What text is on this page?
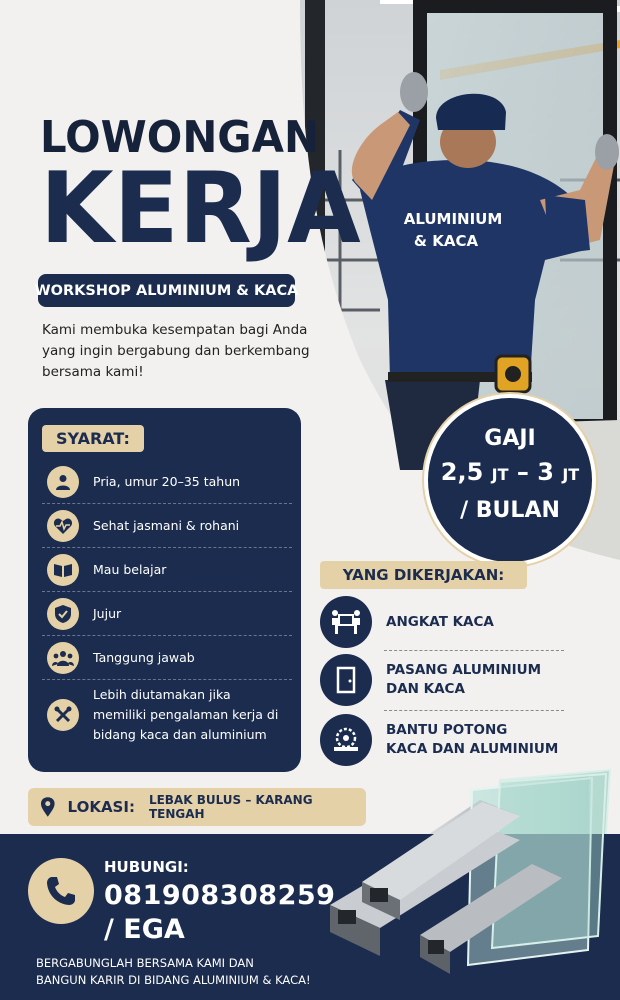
ALUMINIUM
& KACA
LOWONGAN
KERJA
WORKSHOP ALUMINIUM & KACA

Kami membuka kesempatan bagi Anda yang ingin bergabung dan berkembang bersama kami!

SYARAT:
Pria, umur 20–35 tahun
Sehat jasmani & rohani
Mau belajar
Jujur
Tanggung jawab
Lebih diutamakan jika memiliki pengalaman kerja di bidang kaca dan aluminium
GAJI
2,5 JT – 3 JT
/ BULAN
YANG DIKERJAKAN:
ANGKAT KACA
PASANG ALUMINIUM
DAN KACA
BANTU POTONG
KACA DAN ALUMINIUM
LOKASI: LEBAK BULUS – KARANG TENGAH
HUBUNGI:
081908308259
/ EGA

BERGABUNGLAH BERSAMA KAMI DAN
BANGUN KARIR DI BIDANG ALUMINIUM & KACA!
